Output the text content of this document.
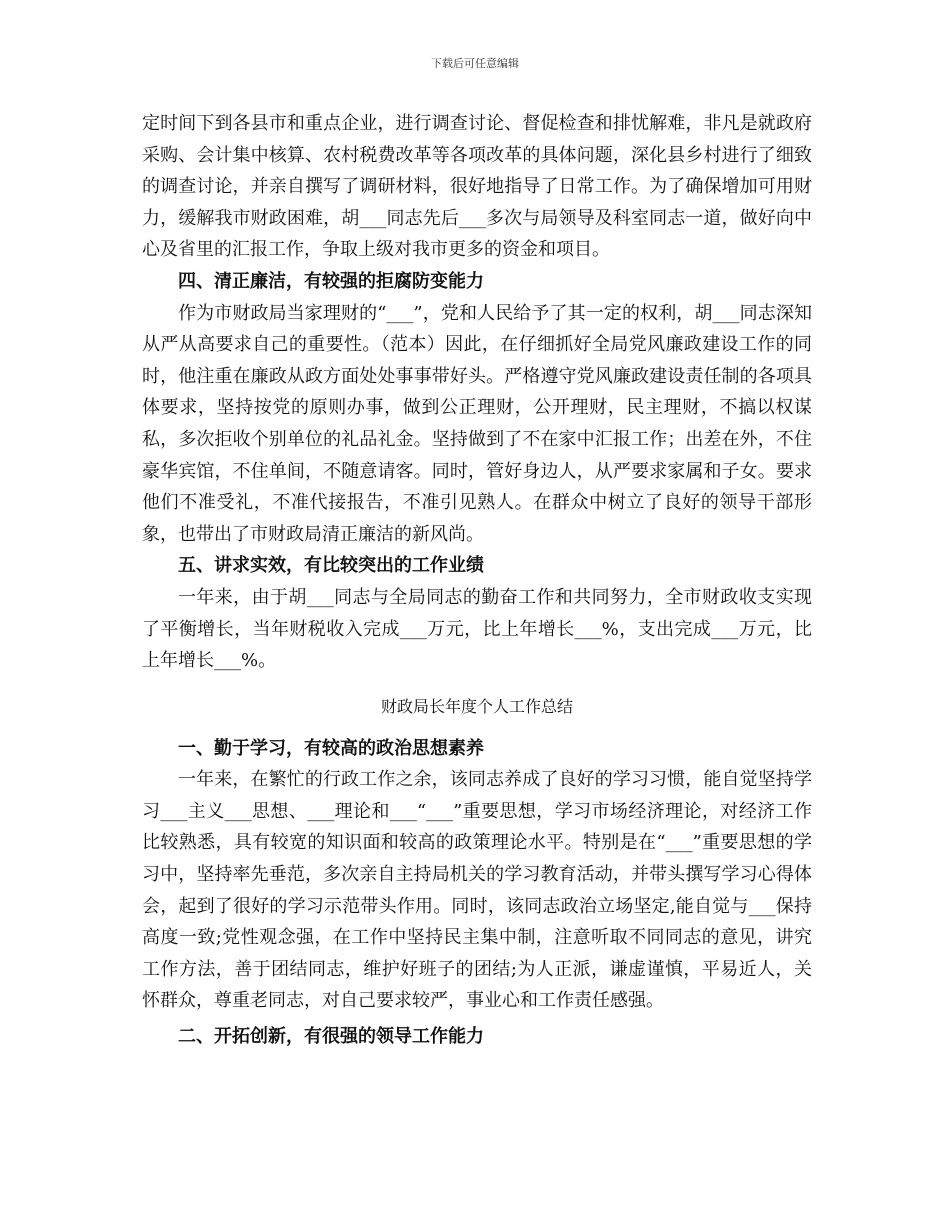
下载后可任意编辑

定时间下到各县市和重点企业，进行调查讨论、督促检查和排忧解难，非凡是就政府采购、会计集中核算、农村税费改革等各项改革的具体问题，深化县乡村进行了细致的调查讨论，并亲自撰写了调研材料，很好地指导了日常工作。为了确保增加可用财力，缓解我市财政困难，胡___同志先后___多次与局领导及科室同志一道，做好向中心及省里的汇报工作，争取上级对我市更多的资金和项目。

四、清正廉洁，有较强的拒腐防变能力

作为市财政局当家理财的“___”，党和人民给予了其一定的权利，胡___同志深知从严从高要求自己的重要性。（范本）因此，在仔细抓好全局党风廉政建设工作的同时，他注重在廉政从政方面处处事事带好头。严格遵守党风廉政建设责任制的各项具体要求，坚持按党的原则办事，做到公正理财，公开理财，民主理财，不搞以权谋私，多次拒收个别单位的礼品礼金。坚持做到了不在家中汇报工作；出差在外，不住豪华宾馆，不住单间，不随意请客。同时，管好身边人，从严要求家属和子女。要求他们不准受礼，不准代接报告，不准引见熟人。在群众中树立了良好的领导干部形象，也带出了市财政局清正廉洁的新风尚。

五、讲求实效，有比较突出的工作业绩

一年来，由于胡___同志与全局同志的勤奋工作和共同努力，全市财政收支实现了平衡增长，当年财税收入完成___万元，比上年增长___%，支出完成___万元，比上年增长___%。

财政局长年度个人工作总结

一、勤于学习，有较高的政治思想素养

一年来，在繁忙的行政工作之余，该同志养成了良好的学习习惯，能自觉坚持学习___主义___思想、___理论和___“___”重要思想，学习市场经济理论，对经济工作比较熟悉，具有较宽的知识面和较高的政策理论水平。特别是在“___”重要思想的学习中，坚持率先垂范，多次亲自主持局机关的学习教育活动，并带头撰写学习心得体会，起到了很好的学习示范带头作用。同时，该同志政治立场坚定,能自觉与___保持高度一致;党性观念强，在工作中坚持民主集中制，注意听取不同同志的意见，讲究工作方法，善于团结同志，维护好班子的团结;为人正派，谦虚谨慎，平易近人，关怀群众，尊重老同志，对自己要求较严，事业心和工作责任感强。

二、开拓创新，有很强的领导工作能力
